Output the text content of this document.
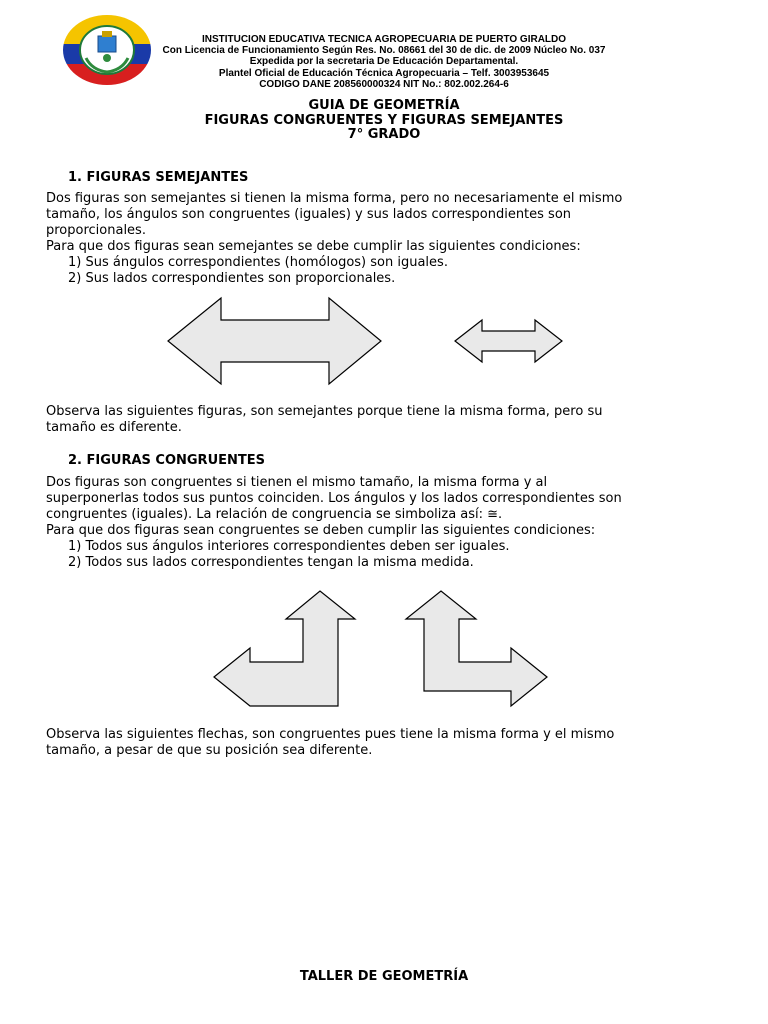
INSTITUCION EDUCATIVA TECNICA AGROPECUARIA DE PUERTO GIRALDO
Con Licencia de Funcionamiento Según Res. No. 08661 del 30 de dic. de 2009 Núcleo No. 037
Expedida por la secretaria De Educación Departamental.
Plantel Oficial de Educación Técnica Agropecuaria – Telf. 3003953645
CODIGO DANE 208560000324 NIT No.: 802.002.264-6
GUIA DE GEOMETRÍA
FIGURAS CONGRUENTES Y FIGURAS SEMEJANTES
7° GRADO
1. FIGURAS SEMEJANTES
Dos figuras son semejantes si tienen la misma forma, pero no necesariamente el mismo
tamaño, los ángulos son congruentes (iguales) y sus lados correspondientes son
proporcionales.
Para que dos figuras sean semejantes se debe cumplir las siguientes condiciones:
1) Sus ángulos correspondientes (homólogos) son iguales.
2) Sus lados correspondientes son proporcionales.
Observa las siguientes figuras, son semejantes porque tiene la misma forma, pero su
tamaño es diferente.
2. FIGURAS CONGRUENTES
Dos figuras son congruentes si tienen el mismo tamaño, la misma forma y al
superponerlas todos sus puntos coinciden. Los ángulos y los lados correspondientes son
congruentes (iguales). La relación de congruencia se simboliza así: ≅.
Para que dos figuras sean congruentes se deben cumplir las siguientes condiciones:
1) Todos sus ángulos interiores correspondientes deben ser iguales.
2) Todos sus lados correspondientes tengan la misma medida.
Observa las siguientes flechas, son congruentes pues tiene la misma forma y el mismo
tamaño, a pesar de que su posición sea diferente.
TALLER DE GEOMETRÍA
